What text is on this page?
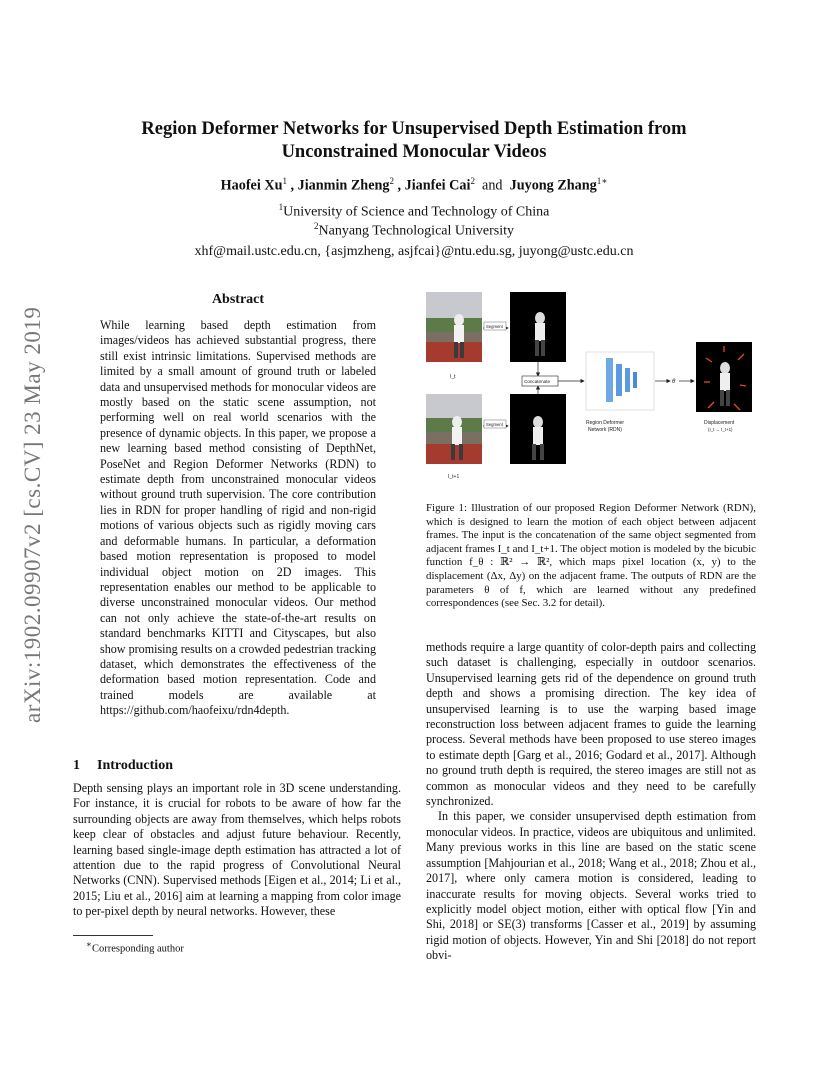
arXiv:1902.09907v2 [cs.CV] 23 May 2019
Region Deformer Networks for Unsupervised Depth Estimation from
Unconstrained Monocular Videos
Haofei Xu$^1$ , Jianmin Zheng$^2$ , Jianfei Cai$^2$ and Juyong Zhang$^{1∗}$
$^1$University of Science and Technology of China
$^2$Nanyang Technological University
xhf@mail.ustc.edu.cn, {asjmzheng, asjfcai}@ntu.edu.sg, juyong@ustc.edu.cn
Abstract
While learning based depth estimation from images/videos has achieved substantial progress, there still exist intrinsic limitations. Supervised methods are limited by a small amount of ground truth or labeled data and unsupervised methods for monocular videos are mostly based on the static scene assumption, not performing well on real world scenarios with the presence of dynamic objects. In this paper, we propose a new learning based method consisting of DepthNet, PoseNet and Region Deformer Networks (RDN) to estimate depth from unconstrained monocular videos without ground truth supervision. The core contribution lies in RDN for proper handling of rigid and non-rigid motions of various objects such as rigidly moving cars and deformable humans. In particular, a deformation based motion representation is proposed to model individual object motion on 2D images. This representation enables our method to be applicable to diverse unconstrained monocular videos. Our method can not only achieve the state-of-the-art results on standard benchmarks KITTI and Cityscapes, but also show promising results on a crowded pedestrian tracking dataset, which demonstrates the effectiveness of the deformation based motion representation. Code and trained models are available at https://github.com/haofeixu/rdn4depth.
1 Introduction
Depth sensing plays an important role in 3D scene understanding. For instance, it is crucial for robots to be aware of how far the surrounding objects are away from themselves, which helps robots keep clear of obstacles and adjust future behaviour. Recently, learning based single-image depth estimation has attracted a lot of attention due to the rapid progress of Convolutional Neural Networks (CNN). Supervised methods [Eigen et al., 2014; Li et al., 2015; Liu et al., 2016] aim at learning a mapping from color image to per-pixel depth by neural networks. However, these
∗Corresponding author
I_t
I_t+1
Segment
Segment
Concatenate
Region Deformer
Network (RDN)
θ
Displacement
(I_t → I_t+1)
Figure 1: Illustration of our proposed Region Deformer Network (RDN), which is designed to learn the motion of each object between adjacent frames. The input is the concatenation of the same object segmented from adjacent frames I_t and I_t+1. The object motion is modeled by the bicubic function f_θ : ℝ² → ℝ², which maps pixel location (x, y) to the displacement (Δx, Δy) on the adjacent frame. The outputs of RDN are the parameters θ of f, which are learned without any predefined correspondences (see Sec. 3.2 for detail).

methods require a large quantity of color-depth pairs and collecting such dataset is challenging, especially in outdoor scenarios. Unsupervised learning gets rid of the dependence on ground truth depth and shows a promising direction. The key idea of unsupervised learning is to use the warping based image reconstruction loss between adjacent frames to guide the learning process. Several methods have been proposed to use stereo images to estimate depth [Garg et al., 2016; Godard et al., 2017]. Although no ground truth depth is required, the stereo images are still not as common as monocular videos and they need to be carefully synchronized.

In this paper, we consider unsupervised depth estimation from monocular videos. In practice, videos are ubiquitous and unlimited. Many previous works in this line are based on the static scene assumption [Mahjourian et al., 2018; Wang et al., 2018; Zhou et al., 2017], where only camera motion is considered, leading to inaccurate results for moving objects. Several works tried to explicitly model object motion, either with optical flow [Yin and Shi, 2018] or SE(3) transforms [Casser et al., 2019] by assuming rigid motion of objects. However, Yin and Shi [2018] do not report obvi-
